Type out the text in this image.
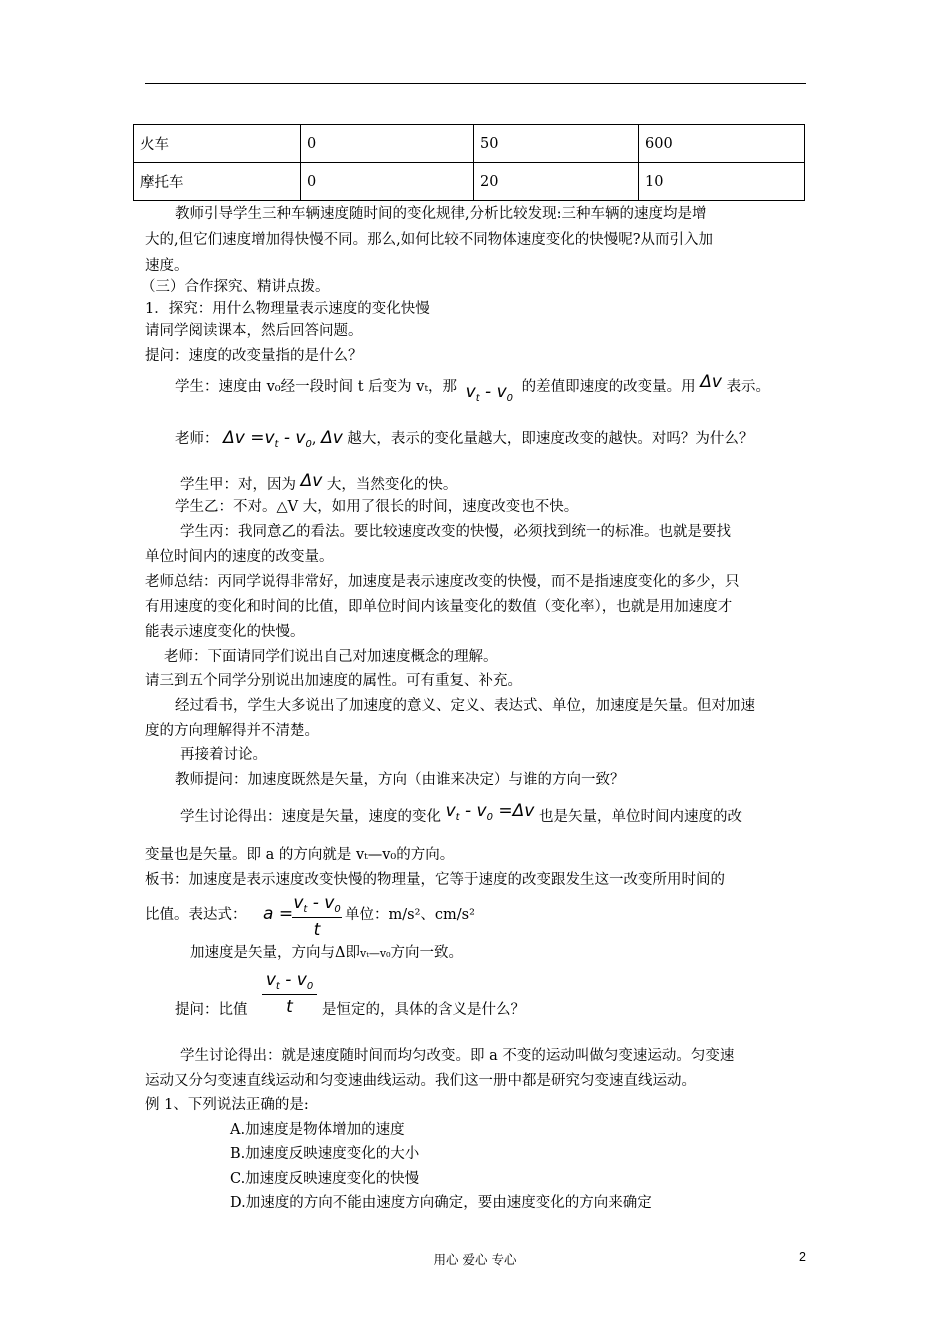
火车	0	50	600
摩托车	0	20	10
教师引导学生三种车辆速度随时间的变化规律,分析比较发现:三种车辆的速度均是增
大的,但它们速度增加得快慢不同。那么,如何比较不同物体速度变化的快慢呢?从而引入加
速度。
（三）合作探究、精讲点拨。
1．探究：用什么物理量表示速度的变化快慢
请同学阅读课本，然后回答问题。
提问：速度的改变量指的是什么？
学生：速度由 v₀经一段时间 t 后变为 vₜ，那 $v_t - v_0$ 的差值即速度的改变量。用 Δv 表示。
老师： $\Delta v =v_t - v_0$, Δv 越大，表示的变化量越大，即速度改变的越快。对吗？为什么？
学生甲：对，因为 Δv 大，当然变化的快。
学生乙：不对。△V 大，如用了很长的时间，速度改变也不快。
学生丙：我同意乙的看法。要比较速度改变的快慢，必须找到统一的标准。也就是要找
单位时间内的速度的改变量。
老师总结：丙同学说得非常好，加速度是表示速度改变的快慢，而不是指速度变化的多少，只
有用速度的变化和时间的比值，即单位时间内该量变化的数值（变化率），也就是用加速度才
能表示速度变化的快慢。
老师：下面请同学们说出自己对加速度概念的理解。
请三到五个同学分别说出加速度的属性。可有重复、补充。
经过看书，学生大多说出了加速度的意义、定义、表达式、单位，加速度是矢量。但对加速
度的方向理解得并不清楚。
再接着讨论。
教师提问：加速度既然是矢量，方向（由谁来决定）与谁的方向一致？
学生讨论得出：速度是矢量，速度的变化 $v_t - v_0 =\Delta v$ 也是矢量，单位时间内速度的改
变量也是矢量。即 a 的方向就是 vₜ—v₀的方向。
板书：加速度是表示速度改变快慢的物理量，它等于速度的改变跟发生这一改变所用时间的
比值。表达式： a =
$v_t - v_0$
t
单位：m/s²、cm/s²
加速度是矢量，方向与Δ即vₜ—v₀方向一致。
$v_t - v_0$
t
提问：比值	是恒定的，具体的含义是什么？
学生讨论得出：就是速度随时间而均匀改变。即 a 不变的运动叫做匀变速运动。匀变速
运动又分匀变速直线运动和匀变速曲线运动。我们这一册中都是研究匀变速直线运动。
例 1、下列说法正确的是:
A.加速度是物体增加的速度
B.加速度反映速度变化的大小
C.加速度反映速度变化的快慢
D.加速度的方向不能由速度方向确定，要由速度变化的方向来确定
用心 爱心 专心	2
